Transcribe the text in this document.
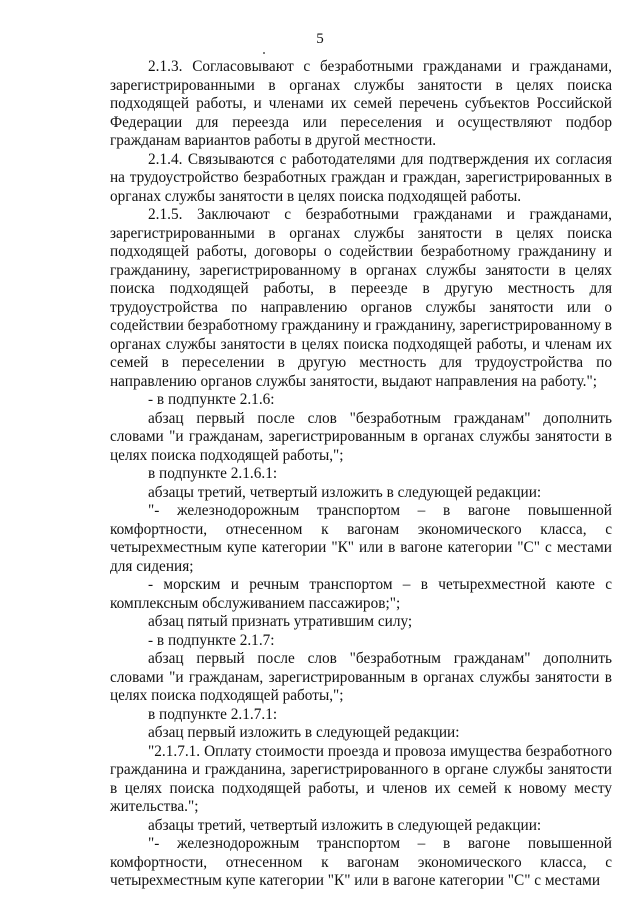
5

2.1.3. Согласовывают с безработными гражданами и гражданами, зарегистрированными в органах службы занятости в целях поиска подходящей работы, и членами их семей перечень субъектов Российской Федерации для переезда или переселения и осуществляют подбор гражданам вариантов работы в другой местности.

2.1.4. Связываются с работодателями для подтверждения их согласия на трудоустройство безработных граждан и граждан, зарегистрированных в органах службы занятости в целях поиска подходящей работы.

2.1.5. Заключают с безработными гражданами и гражданами, зарегистрированными в органах службы занятости в целях поиска подходящей работы, договоры о содействии безработному гражданину и гражданину, зарегистрированному в органах службы занятости в целях поиска подходящей работы, в переезде в другую местность для трудоустройства по направлению органов службы занятости или о содействии безработному гражданину и гражданину, зарегистрированному в органах службы занятости в целях поиска подходящей работы, и членам их семей в переселении в другую местность для трудоустройства по направлению органов службы занятости, выдают направления на работу.";

- в подпункте 2.1.6:

абзац первый после слов "безработным гражданам" дополнить словами "и гражданам, зарегистрированным в органах службы занятости в целях поиска подходящей работы,";

в подпункте 2.1.6.1:

абзацы третий, четвертый изложить в следующей редакции:

"- железнодорожным транспортом – в вагоне повышенной комфортности, отнесенном к вагонам экономического класса, с четырехместным купе категории "К" или в вагоне категории "С" с местами для сидения;

- морским и речным транспортом – в четырехместной каюте с комплексным обслуживанием пассажиров;";

абзац пятый признать утратившим силу;

- в подпункте 2.1.7:

абзац первый после слов "безработным гражданам" дополнить словами "и гражданам, зарегистрированным в органах службы занятости в целях поиска подходящей работы,";

в подпункте 2.1.7.1:

абзац первый изложить в следующей редакции:

"2.1.7.1. Оплату стоимости проезда и провоза имущества безработного гражданина и гражданина, зарегистрированного в органе службы занятости в целях поиска подходящей работы, и членов их семей к новому месту жительства.";

абзацы третий, четвертый изложить в следующей редакции:

"- железнодорожным транспортом – в вагоне повышенной комфортности, отнесенном к вагонам экономического класса, с четырехместным купе категории "К" или в вагоне категории "С" с местами
